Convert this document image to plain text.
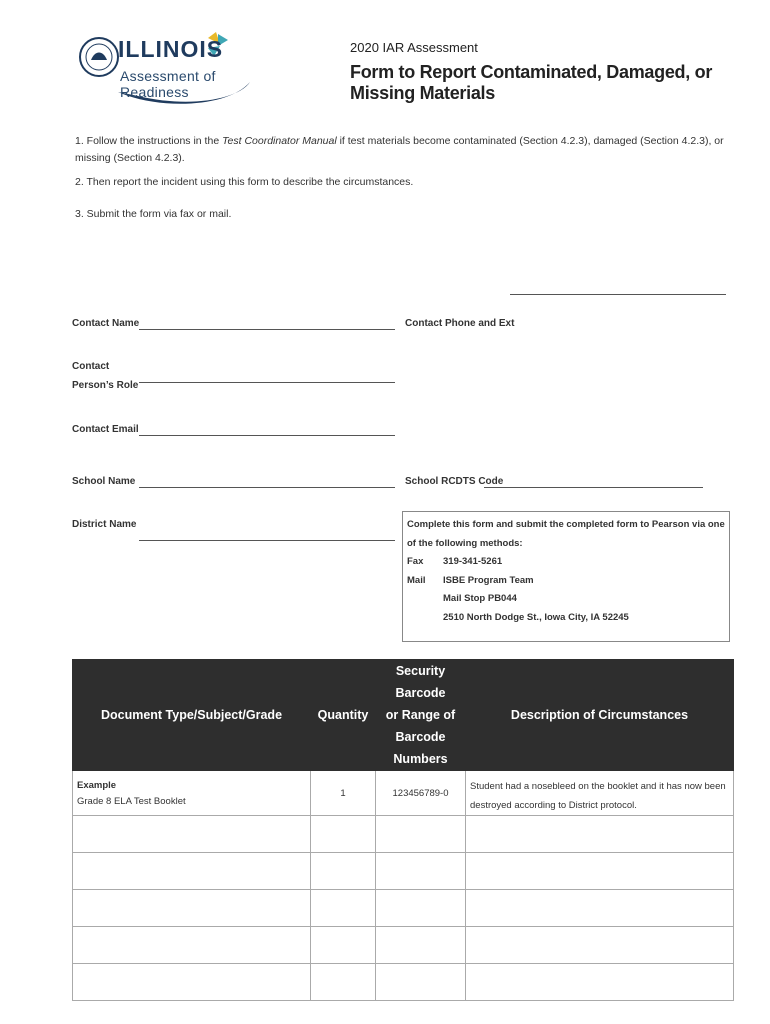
ILLINOIS
Assessment of Readiness
2020 IAR Assessment
Form to Report Contaminated, Damaged, or Missing Materials
1. Follow the instructions in the Test Coordinator Manual if test materials become contaminated (Section 4.2.3), damaged (Section 4.2.3), or missing (Section 4.2.3).
2. Then report the incident using this form to describe the circumstances.
3. Submit the form via fax or mail.
Contact Name	Contact Phone and Ext
Contact
Person’s Role
Contact Email
School Name	School RCDTS Code
District Name	Complete this form and submit the completed form to Pearson via one of the following methods:
Fax	319-341-5261
Mail	ISBE Program Team
Mail Stop PB044
2510 North Dodge St., Iowa City, IA 52245
Document Type/Subject/Grade	Quantity	Security Barcode
or Range of
Barcode Numbers	Description of Circumstances

Example
Grade 8 ELA Test Booklet	1	123456789-0	Student had a nosebleed on the booklet and it has now been destroyed according to District protocol.
